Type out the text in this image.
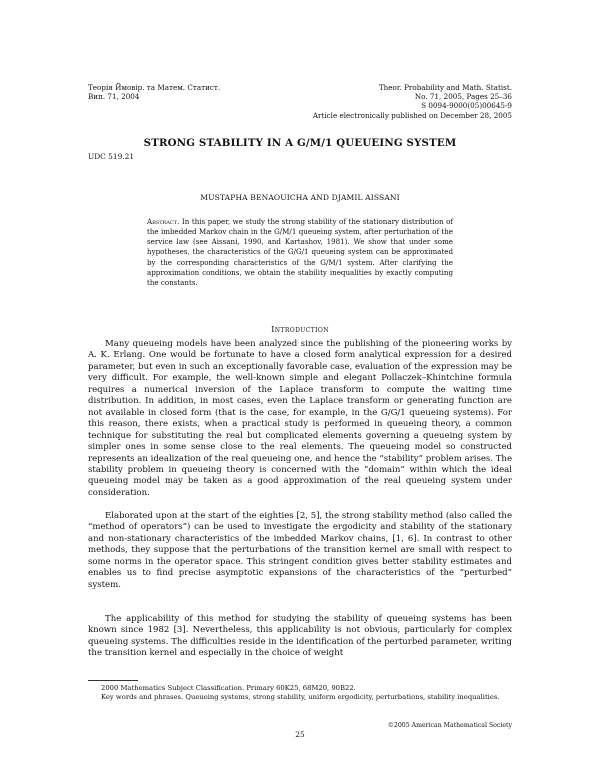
Теорія Ймовір. та Матем. Статист.
Вип. 71, 2004
Theor. Probability and Math. Statist.
No. 71, 2005, Pages 25–36
S 0094-9000(05)00645-9
Article electronically published on December 28, 2005
STRONG STABILITY IN A G/M/1 QUEUEING SYSTEM
UDC 519.21
MUSTAPHA BENAOUICHA AND DJAMIL AISSANI
Abstract. In this paper, we study the strong stability of the stationary distribution of the imbedded Markov chain in the G/M/1 queueing system, after perturbation of the service law (see Aissani, 1990, and Kartashov, 1981). We show that under some hypotheses, the characteristics of the G/G/1 queueing system can be approximated by the corresponding characteristics of the G/M/1 system. After clarifying the approximation conditions, we obtain the stability inequalities by exactly computing the constants.
Introduction

Many queueing models have been analyzed since the publishing of the pioneering works by A. K. Erlang. One would be fortunate to have a closed form analytical expression for a desired parameter, but even in such an exceptionally favorable case, evaluation of the expression may be very difficult. For example, the well-known simple and elegant Pollaczek–Khintchine formula requires a numerical inversion of the Laplace transform to compute the waiting time distribution. In addition, in most cases, even the Laplace transform or generating function are not available in closed form (that is the case, for example, in the G/G/1 queueing systems). For this reason, there exists, when a practical study is performed in queueing theory, a common technique for substituting the real but complicated elements governing a queueing system by simpler ones in some sense close to the real elements. The queueing model so constructed represents an idealization of the real queueing one, and hence the “stability” problem arises. The stability problem in queueing theory is concerned with the “domain” within which the ideal queueing model may be taken as a good approximation of the real queueing system under consideration.

Elaborated upon at the start of the eighties [2, 5], the strong stability method (also called the “method of operators”) can be used to investigate the ergodicity and stability of the stationary and non-stationary characteristics of the imbedded Markov chains, [1, 6]. In contrast to other methods, they suppose that the perturbations of the transition kernel are small with respect to some norms in the operator space. This stringent condition gives better stability estimates and enables us to find precise asymptotic expansions of the characteristics of the “perturbed” system.

The applicability of this method for studying the stability of queueing systems has been known since 1982 [3]. Nevertheless, this applicability is not obvious, particularly for complex queueing systems. The difficulties reside in the identification of the perturbed parameter, writing the transition kernel and especially in the choice of weight

2000 Mathematics Subject Classification. Primary 60K25, 68M20, 90B22.

Key words and phrases. Queueing systems, strong stability, uniform ergodicity, perturbations, stability inequalities.

©2005 American Mathematical Society
25
